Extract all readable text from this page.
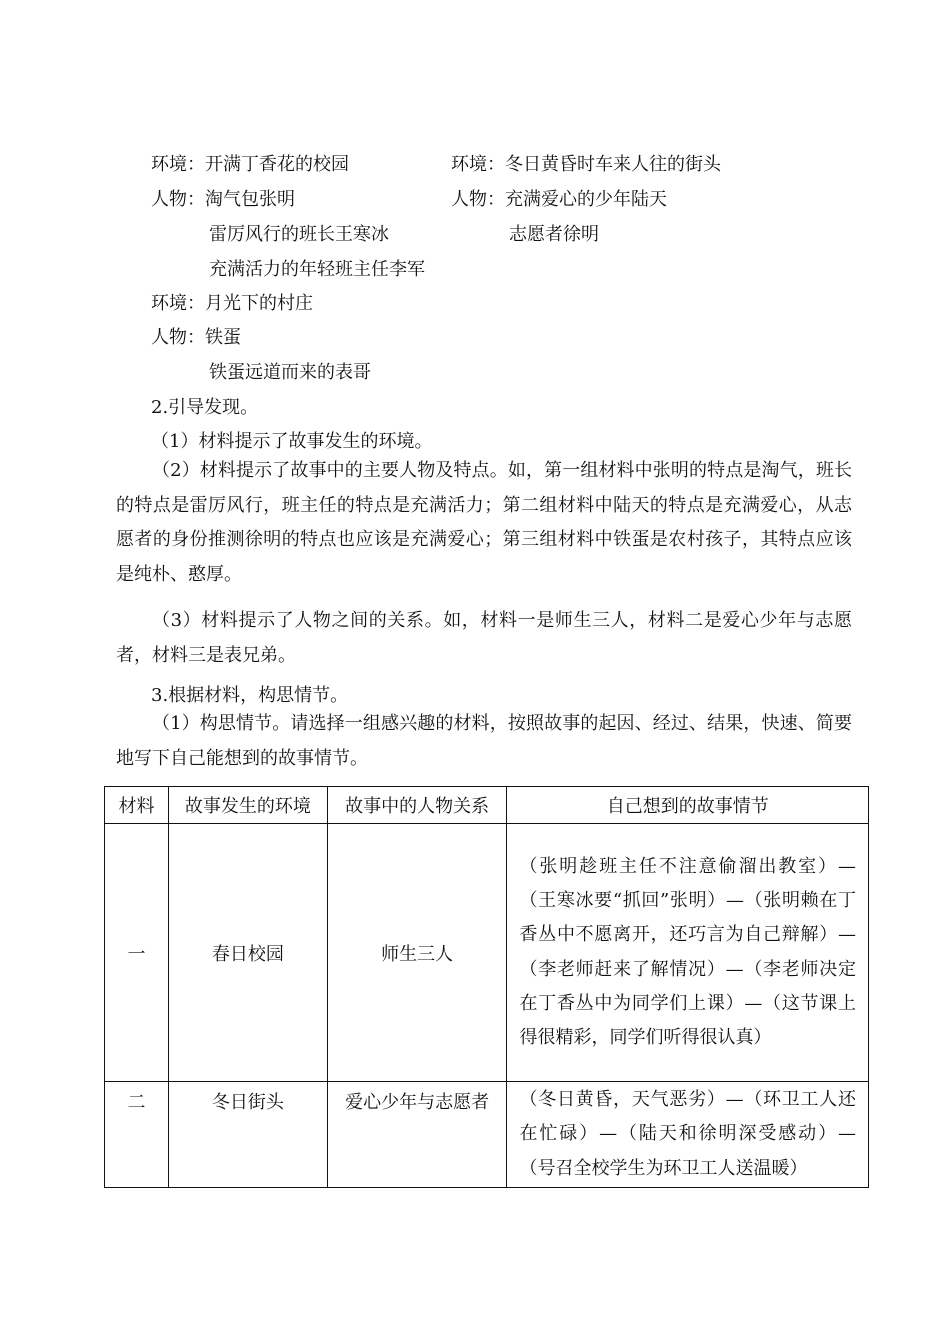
环境：开满丁香花的校园	环境：冬日黄昏时车来人往的街头
人物：淘气包张明	人物：充满爱心的少年陆天
雷厉风行的班长王寒冰	志愿者徐明
充满活力的年轻班主任李军
环境：月光下的村庄
人物：铁蛋
铁蛋远道而来的表哥
2.引导发现。
（1）材料提示了故事发生的环境。
（2）材料提示了故事中的主要人物及特点。如，第一组材料中张明的特点是淘气，班长的特点是雷厉风行，班主任的特点是充满活力；第二组材料中陆天的特点是充满爱心，从志愿者的身份推测徐明的特点也应该是充满爱心；第三组材料中铁蛋是农村孩子，其特点应该是纯朴、憨厚。
（3）材料提示了人物之间的关系。如，材料一是师生三人，材料二是爱心少年与志愿者，材料三是表兄弟。
3.根据材料，构思情节。
（1）构思情节。请选择一组感兴趣的材料，按照故事的起因、经过、结果，快速、简要地写下自己能想到的故事情节。
材料	故事发生的环境	故事中的人物关系	自己想到的故事情节
一	春日校园	师生三人	（张明趁班主任不注意偷溜出教室）—（王寒冰要“抓回”张明）—（张明赖在丁香丛中不愿离开，还巧言为自己辩解）—（李老师赶来了解情况）—（李老师决定在丁香丛中为同学们上课）—（这节课上得很精彩，同学们听得很认真）
二	冬日街头	爱心少年与志愿者	（冬日黄昏，天气恶劣）—（环卫工人还在忙碌）—（陆天和徐明深受感动）—（号召全校学生为环卫工人送温暖）
